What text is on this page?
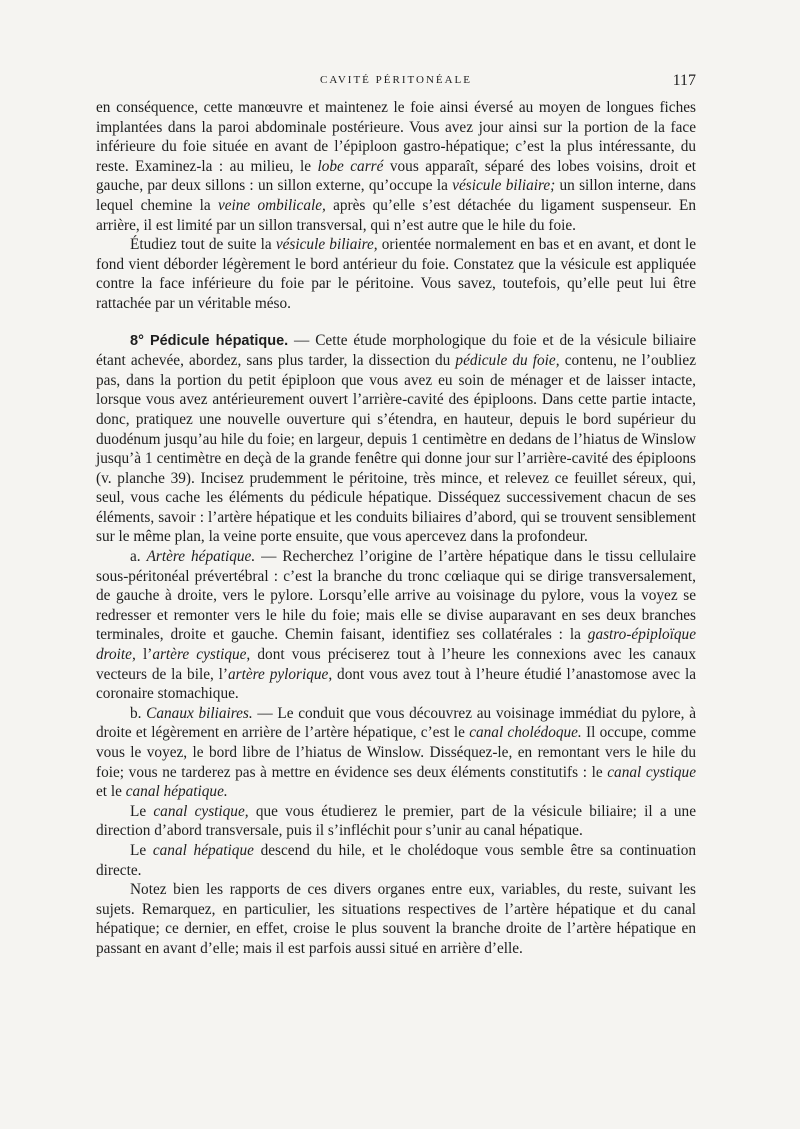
CAVITÉ PÉRITONÉALE	117

en conséquence, cette manœuvre et maintenez le foie ainsi éversé au moyen de longues fiches implantées dans la paroi abdominale postérieure. Vous avez jour ainsi sur la portion de la face inférieure du foie située en avant de l’épiploon gastro-hépatique; c’est la plus intéressante, du reste. Examinez-la : au milieu, le lobe carré vous apparaît, séparé des lobes voisins, droit et gauche, par deux sillons : un sillon externe, qu’occupe la vésicule biliaire; un sillon interne, dans lequel chemine la veine ombilicale, après qu’elle s’est détachée du ligament suspenseur. En arrière, il est limité par un sillon transversal, qui n’est autre que le hile du foie.

Étudiez tout de suite la vésicule biliaire, orientée normalement en bas et en avant, et dont le fond vient déborder légèrement le bord antérieur du foie. Constatez que la vésicule est appliquée contre la face inférieure du foie par le péritoine. Vous savez, toutefois, qu’elle peut lui être rattachée par un véritable méso.

8° Pédicule hépatique. — Cette étude morphologique du foie et de la vésicule biliaire étant achevée, abordez, sans plus tarder, la dissection du pédicule du foie, contenu, ne l’oubliez pas, dans la portion du petit épiploon que vous avez eu soin de ménager et de laisser intacte, lorsque vous avez antérieurement ouvert l’arrière-cavité des épiploons. Dans cette partie intacte, donc, pratiquez une nouvelle ouverture qui s’étendra, en hauteur, depuis le bord supérieur du duodénum jusqu’au hile du foie; en largeur, depuis 1 centimètre en dedans de l’hiatus de Winslow jusqu’à 1 centimètre en deçà de la grande fenêtre qui donne jour sur l’arrière-cavité des épiploons (v. planche 39). Incisez prudemment le péritoine, très mince, et relevez ce feuillet séreux, qui, seul, vous cache les éléments du pédicule hépatique. Disséquez successivement chacun de ses éléments, savoir : l’artère hépatique et les conduits biliaires d’abord, qui se trouvent sensiblement sur le même plan, la veine porte ensuite, que vous apercevez dans la profondeur.

a. Artère hépatique. — Recherchez l’origine de l’artère hépatique dans le tissu cellulaire sous-péritonéal prévertébral : c’est la branche du tronc cœliaque qui se dirige transversalement, de gauche à droite, vers le pylore. Lorsqu’elle arrive au voisinage du pylore, vous la voyez se redresser et remonter vers le hile du foie; mais elle se divise auparavant en ses deux branches terminales, droite et gauche. Chemin faisant, identifiez ses collatérales : la gastro-épiploïque droite, l’artère cystique, dont vous préciserez tout à l’heure les connexions avec les canaux vecteurs de la bile, l’artère pylorique, dont vous avez tout à l’heure étudié l’anastomose avec la coronaire stomachique.

b. Canaux biliaires. — Le conduit que vous découvrez au voisinage immédiat du pylore, à droite et légèrement en arrière de l’artère hépatique, c’est le canal cholédoque. Il occupe, comme vous le voyez, le bord libre de l’hiatus de Winslow. Disséquez-le, en remontant vers le hile du foie; vous ne tarderez pas à mettre en évidence ses deux éléments constitutifs : le canal cystique et le canal hépatique.

Le canal cystique, que vous étudierez le premier, part de la vésicule biliaire; il a une direction d’abord transversale, puis il s’infléchit pour s’unir au canal hépatique.

Le canal hépatique descend du hile, et le cholédoque vous semble être sa continuation directe.

Notez bien les rapports de ces divers organes entre eux, variables, du reste, suivant les sujets. Remarquez, en particulier, les situations respectives de l’artère hépatique et du canal hépatique; ce dernier, en effet, croise le plus souvent la branche droite de l’artère hépatique en passant en avant d’elle; mais il est parfois aussi situé en arrière d’elle.
